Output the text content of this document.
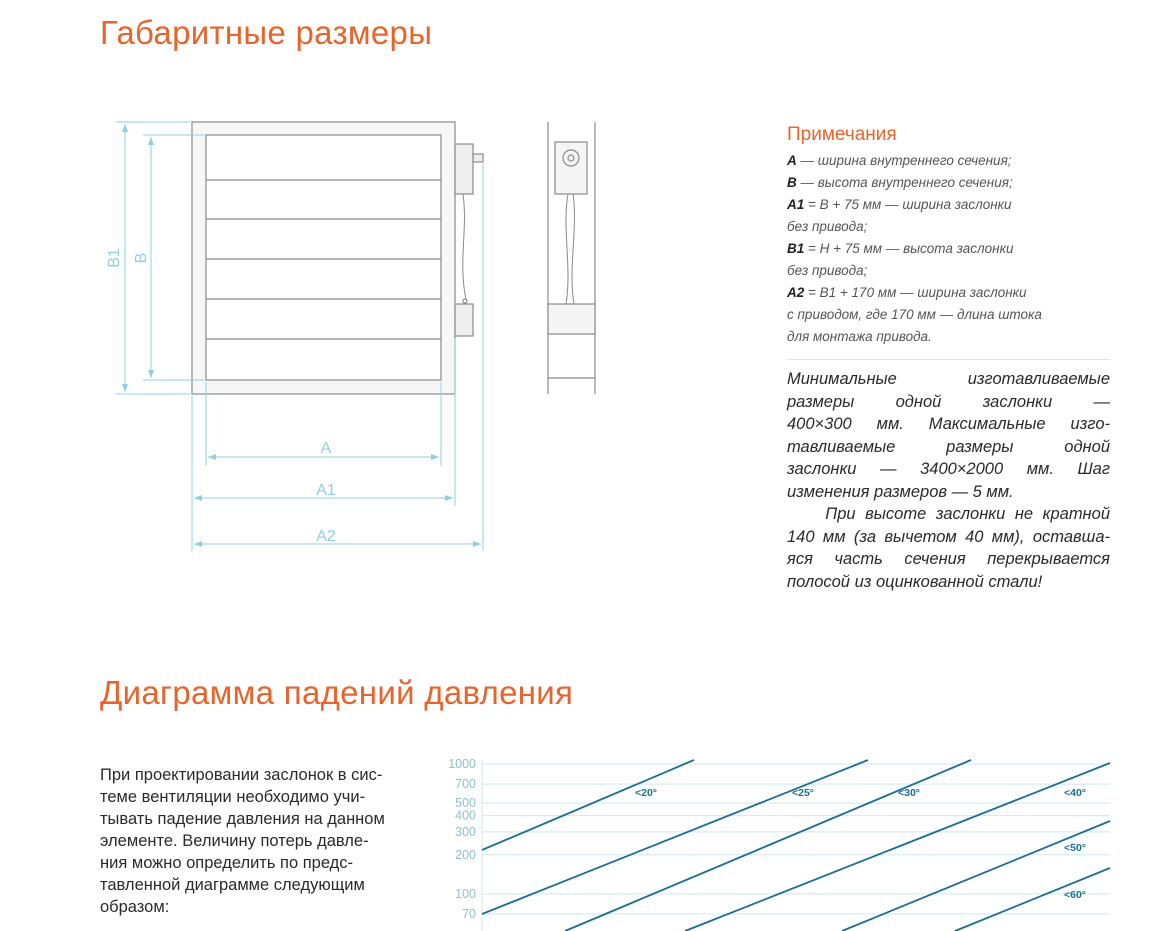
Габаритные размеры
B1 B
A
A1
A2
Примечания
A — ширина внутреннего сечения;
B — высота внутреннего сечения;
A1 = B + 75 мм — ширина заслонки
без привода;
B1 = H + 75 мм — высота заслонки
без привода;
A2 = B1 + 170 мм — ширина заслонки
с приводом, где 170 мм — длина штока
для монтажа привода.
Минимальные изготавливаемые
размеры одной заслонки —
400×300 мм. Максимальные изго-
тавливаемые размеры одной
заслонки — 3400×2000 мм. Шаг
изменения размеров — 5 мм.
При высоте заслонки не кратной
140 мм (за вычетом 40 мм), оставша-
яся часть сечения перекрывается
полосой из оцинкованной стали!
Диаграмма падений давления
При проектировании заслонок в сис-
теме вентиляции необходимо учи-
тывать падение давления на данном
элементе. Величину потерь давле-
ния можно определить по предс-
тавленной диаграмме следующим
образом:
1000
700
500
400
300
200
100
70
<20°	<25°	<30°	<40°
<50°
<60°
